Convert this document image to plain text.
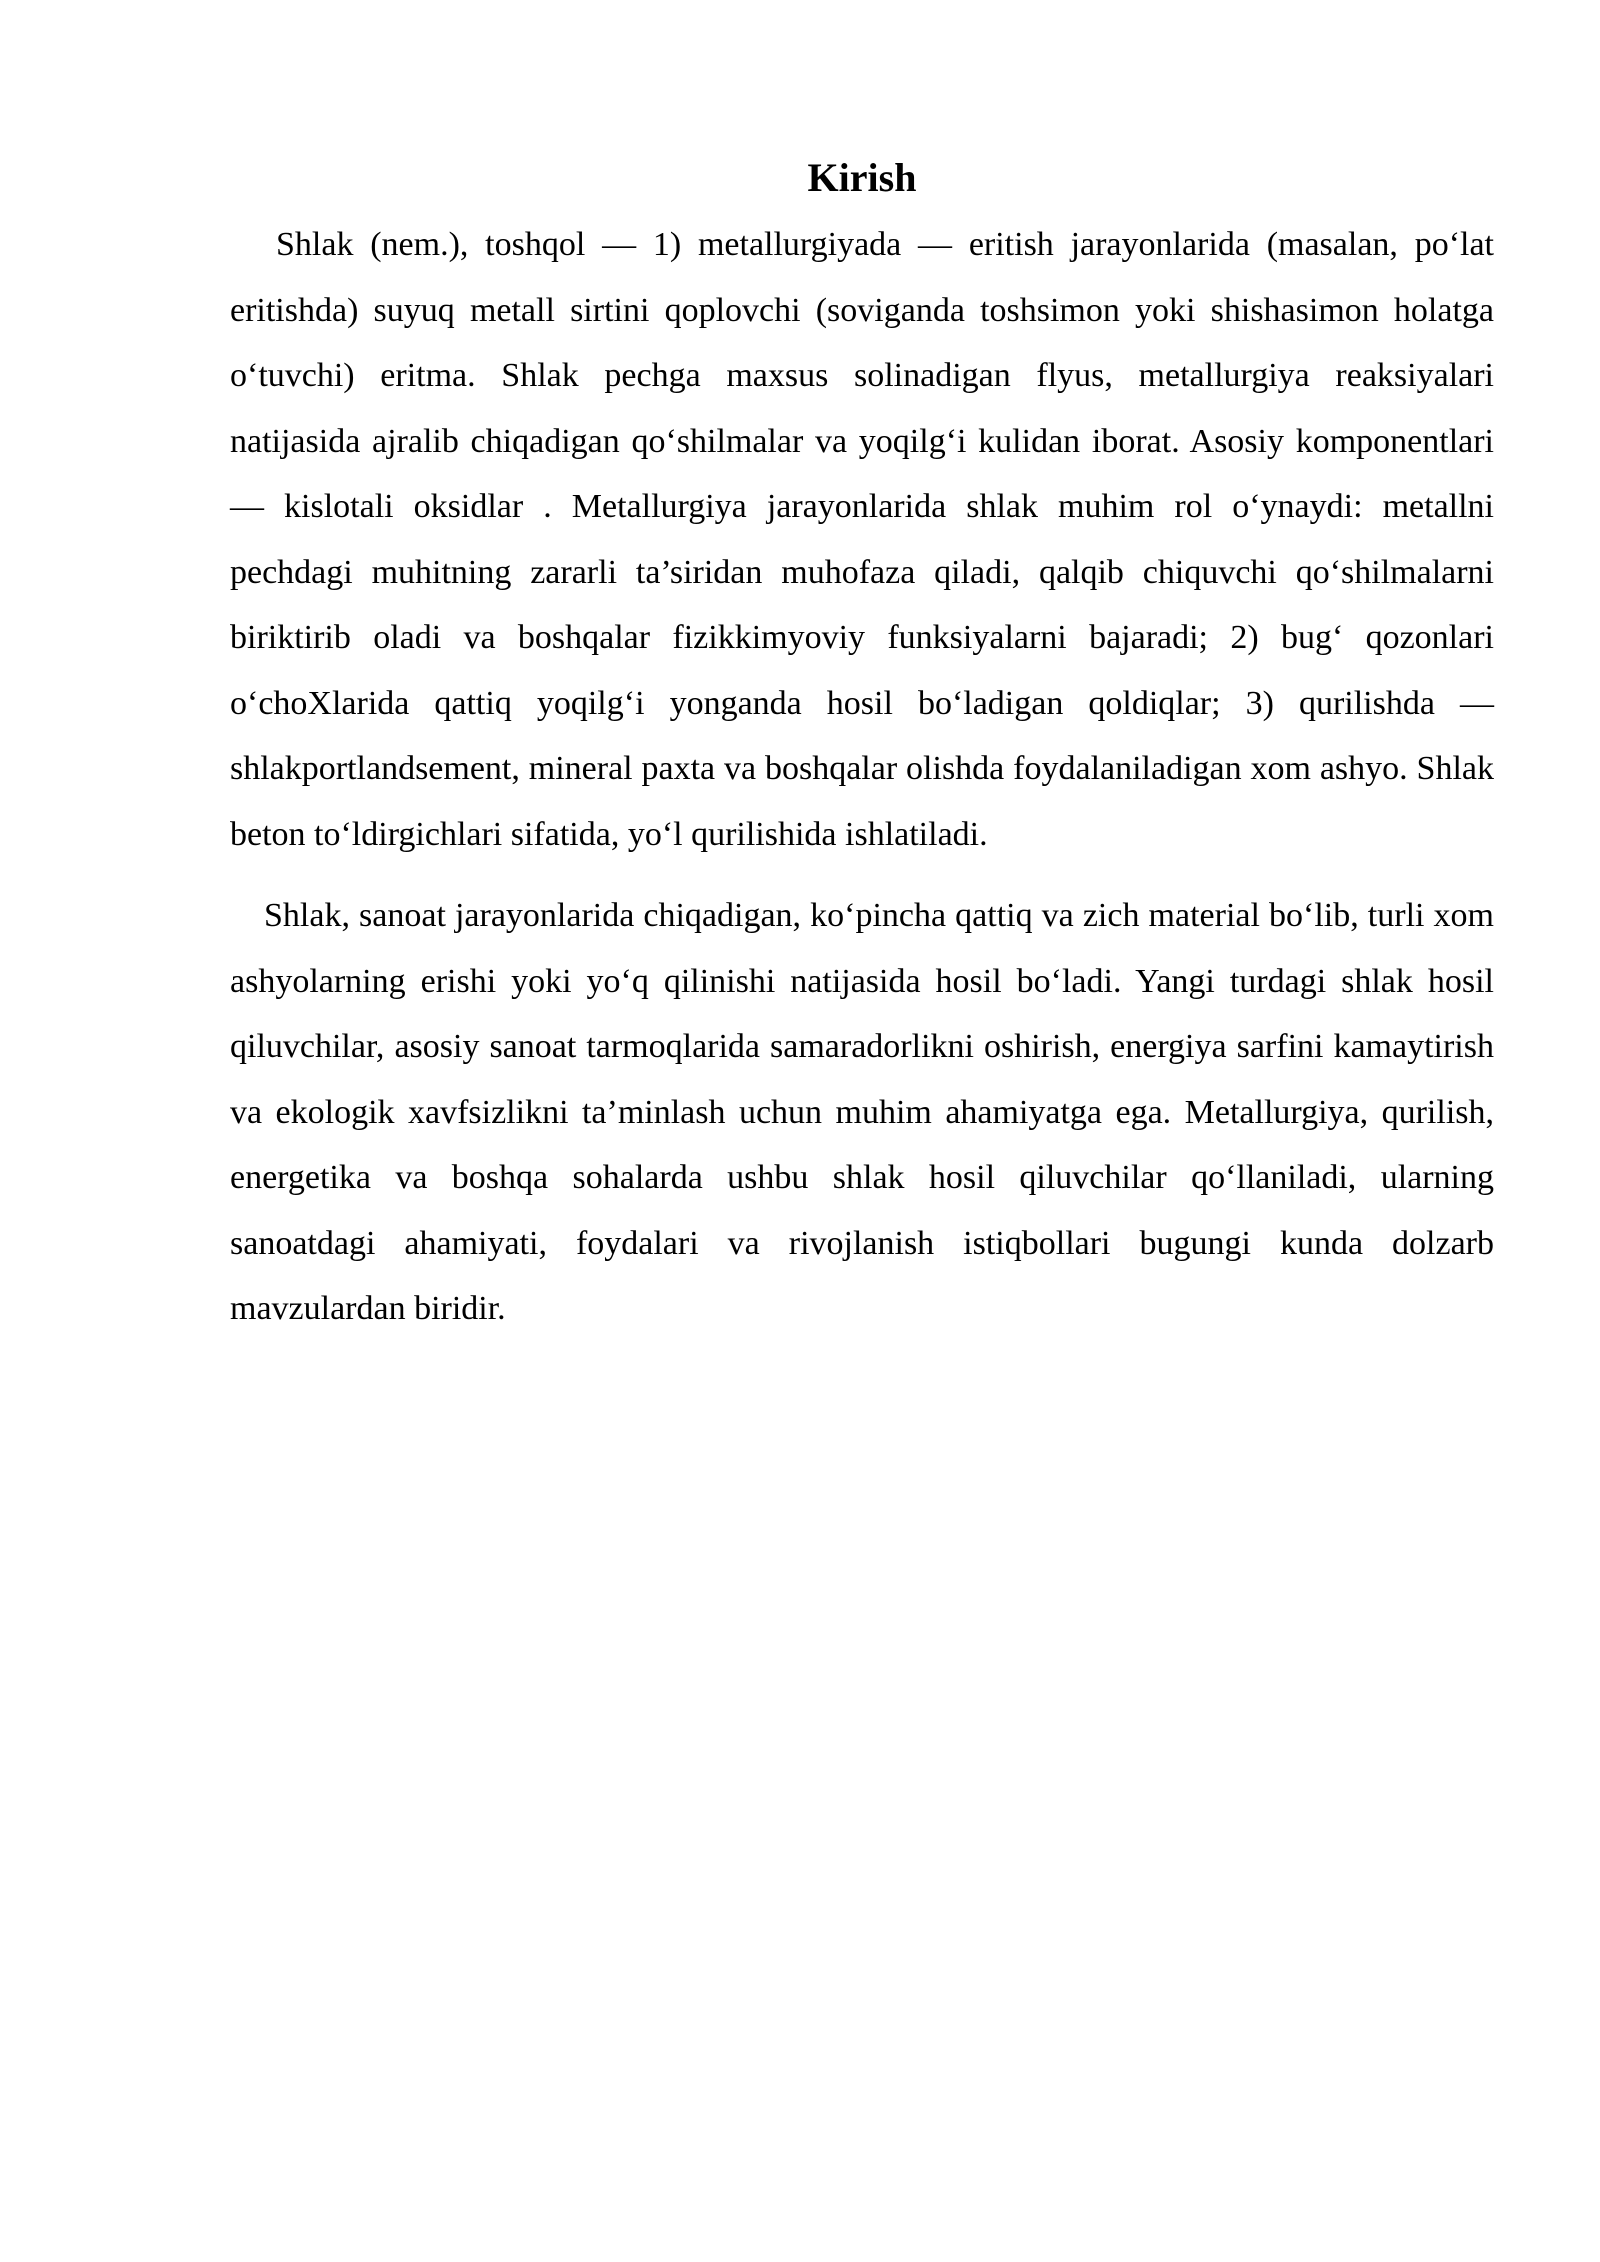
Kirish

Shlak (nem.), toshqol — 1) metallurgiyada — eritish jarayonlarida (masalan, po‘lat eritishda) suyuq metall sirtini qoplovchi (soviganda toshsimon yoki shishasimon holatga o‘tuvchi) eritma. Shlak pechga maxsus solinadigan flyus, metallurgiya reaksiyalari natijasida ajralib chiqadigan qo‘shilmalar va yoqilg‘i kulidan iborat. Asosiy komponentlari — kislotali oksidlar . Metallurgiya jarayonlarida shlak muhim rol o‘ynaydi: metallni pechdagi muhitning zararli ta’siridan muhofaza qiladi, qalqib chiquvchi qo‘shilmalarni biriktirib oladi va boshqalar fizikkimyoviy funksiyalarni bajaradi; 2) bug‘ qozonlari o‘choXlarida qattiq yoqilg‘i yonganda hosil bo‘ladigan qoldiqlar; 3) qurilishda — shlakportlandsement, mineral paxta va boshqalar olishda foydalaniladigan xom ashyo. Shlak beton to‘ldirgichlari sifatida, yo‘l qurilishida ishlatiladi.

Shlak, sanoat jarayonlarida chiqadigan, ko‘pincha qattiq va zich material bo‘lib, turli xom ashyolarning erishi yoki yo‘q qilinishi natijasida hosil bo‘ladi. Yangi turdagi shlak hosil qiluvchilar, asosiy sanoat tarmoqlarida samaradorlikni oshirish, energiya sarfini kamaytirish va ekologik xavfsizlikni ta’minlash uchun muhim ahamiyatga ega. Metallurgiya, qurilish, energetika va boshqa sohalarda ushbu shlak hosil qiluvchilar qo‘llaniladi, ularning sanoatdagi ahamiyati, foydalari va rivojlanish istiqbollari bugungi kunda dolzarb mavzulardan biridir.
